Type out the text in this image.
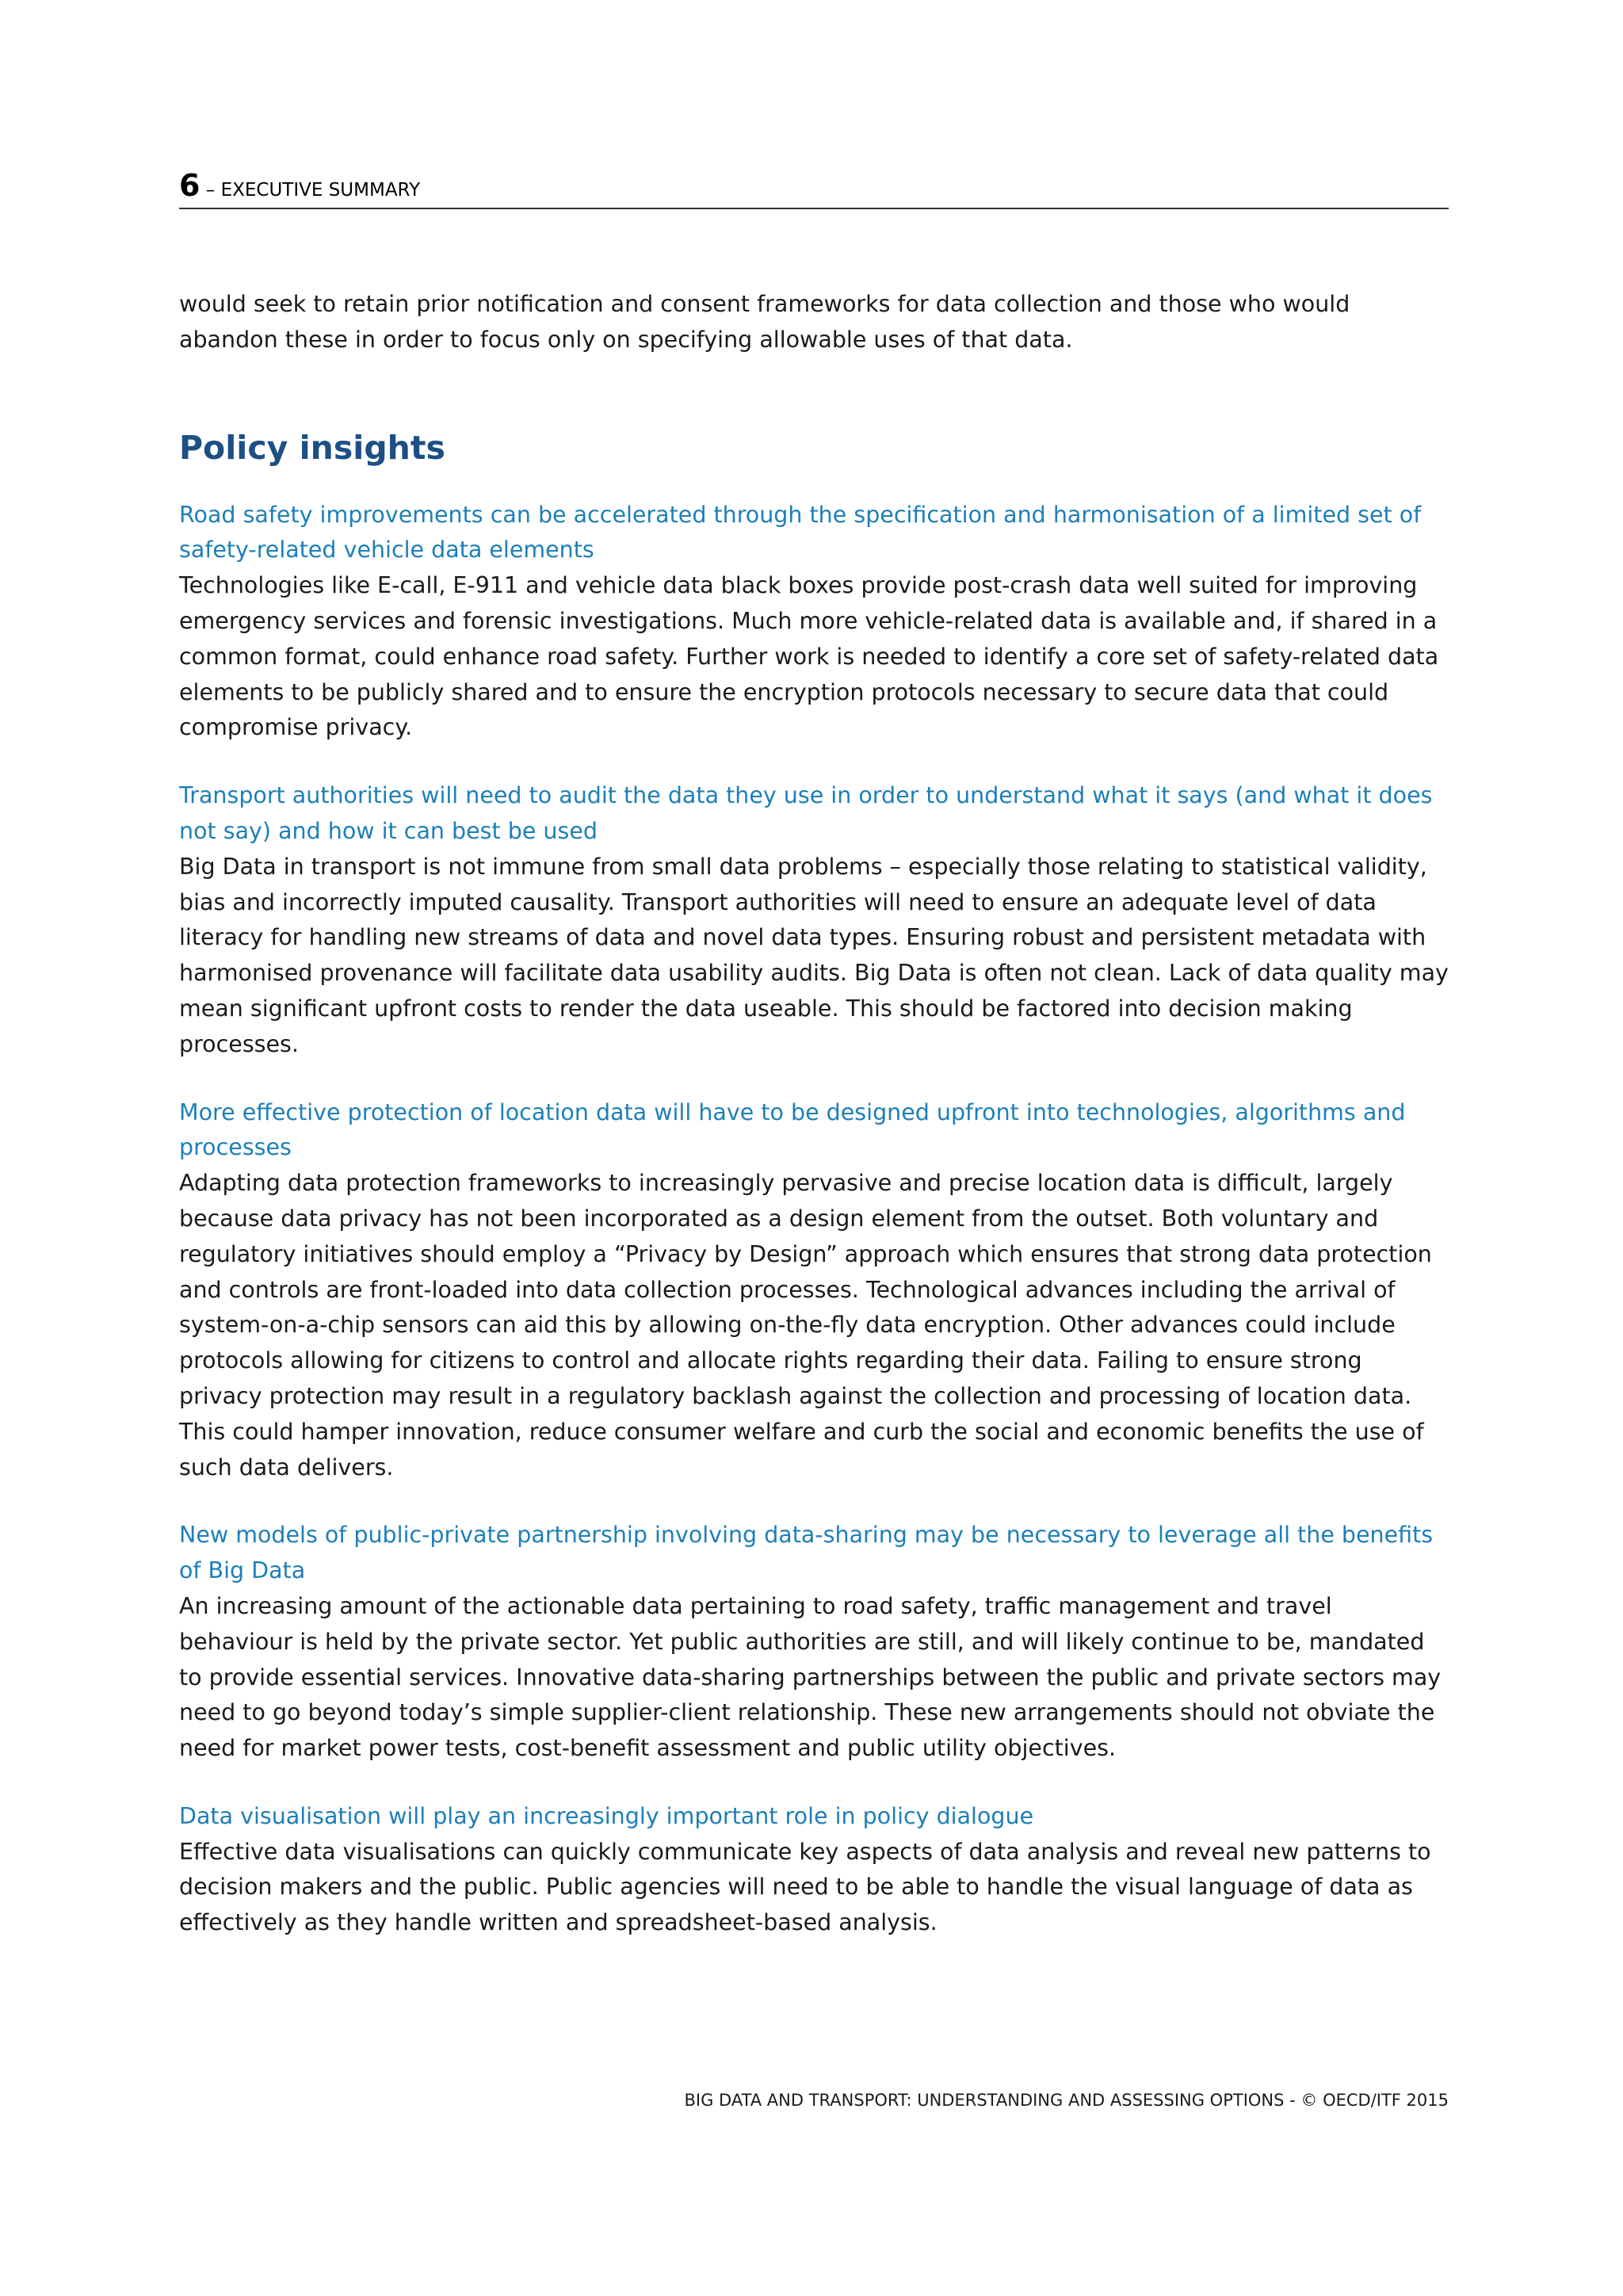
6 – EXECUTIVE SUMMARY

would seek to retain prior notification and consent frameworks for data collection and those who would abandon these in order to focus only on specifying allowable uses of that data.

Policy insights

Road safety improvements can be accelerated through the specification and harmonisation of a limited set of safety-related vehicle data elements

Technologies like E-call, E-911 and vehicle data black boxes provide post-crash data well suited for improving emergency services and forensic investigations. Much more vehicle-related data is available and, if shared in a common format, could enhance road safety. Further work is needed to identify a core set of safety-related data elements to be publicly shared and to ensure the encryption protocols necessary to secure data that could compromise privacy.

Transport authorities will need to audit the data they use in order to understand what it says (and what it does not say) and how it can best be used

Big Data in transport is not immune from small data problems – especially those relating to statistical validity, bias and incorrectly imputed causality. Transport authorities will need to ensure an adequate level of data literacy for handling new streams of data and novel data types. Ensuring robust and persistent metadata with harmonised provenance will facilitate data usability audits. Big Data is often not clean. Lack of data quality may mean significant upfront costs to render the data useable. This should be factored into decision making processes.

More effective protection of location data will have to be designed upfront into technologies, algorithms and processes

Adapting data protection frameworks to increasingly pervasive and precise location data is difficult, largely because data privacy has not been incorporated as a design element from the outset. Both voluntary and regulatory initiatives should employ a “Privacy by Design” approach which ensures that strong data protection and controls are front-loaded into data collection processes. Technological advances including the arrival of system-on-a-chip sensors can aid this by allowing on-the-fly data encryption. Other advances could include protocols allowing for citizens to control and allocate rights regarding their data. Failing to ensure strong privacy protection may result in a regulatory backlash against the collection and processing of location data. This could hamper innovation, reduce consumer welfare and curb the social and economic benefits the use of such data delivers.

New models of public-private partnership involving data-sharing may be necessary to leverage all the benefits of Big Data

An increasing amount of the actionable data pertaining to road safety, traffic management and travel behaviour is held by the private sector. Yet public authorities are still, and will likely continue to be, mandated to provide essential services. Innovative data-sharing partnerships between the public and private sectors may need to go beyond today’s simple supplier-client relationship. These new arrangements should not obviate the need for market power tests, cost-benefit assessment and public utility objectives.

Data visualisation will play an increasingly important role in policy dialogue

Effective data visualisations can quickly communicate key aspects of data analysis and reveal new patterns to decision makers and the public. Public agencies will need to be able to handle the visual language of data as effectively as they handle written and spreadsheet-based analysis.

BIG DATA AND TRANSPORT: UNDERSTANDING AND ASSESSING OPTIONS - © OECD/ITF 2015
